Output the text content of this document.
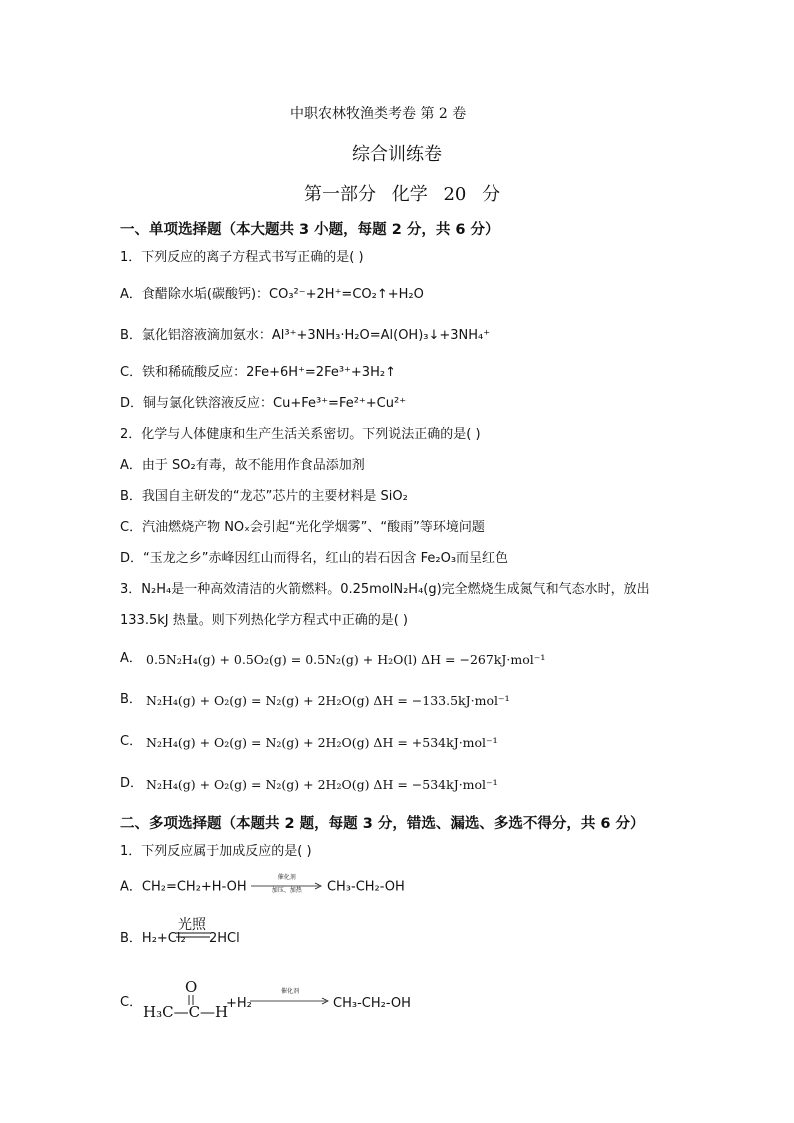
中职农林牧渔类考卷 第 2 卷
综合训练卷
第一部分 化学 20 分
一、单项选择题（本大题共 3 小题，每题 2 分，共 6 分）
1．下列反应的离子方程式书写正确的是( )
A．食醋除水垢(碳酸钙)：CO₃²⁻+2H⁺=CO₂↑+H₂O
B．氯化铝溶液滴加氨水：Al³⁺+3NH₃·H₂O=Al(OH)₃↓+3NH₄⁺
C．铁和稀硫酸反应：2Fe+6H⁺=2Fe³⁺+3H₂↑
D．铜与氯化铁溶液反应：Cu+Fe³⁺=Fe²⁺+Cu²⁺
2．化学与人体健康和生产生活关系密切。下列说法正确的是( )
A．由于 SO₂有毒，故不能用作食品添加剂
B．我国自主研发的“龙芯”芯片的主要材料是 SiO₂
C．汽油燃烧产物 NOₓ会引起“光化学烟雾”、“酸雨”等环境问题
D．“玉龙之乡”赤峰因红山而得名，红山的岩石因含 Fe₂O₃而呈红色
3．N₂H₄是一种高效清洁的火箭燃料。0.25molN₂H₄(g)完全燃烧生成氮气和气态水时，放出
133.5kJ 热量。则下列热化学方程式中正确的是( )
A． 0.5N₂H₄(g) + 0.5O₂(g) = 0.5N₂(g) + H₂O(l) ΔH = −267kJ·mol⁻¹
B． N₂H₄(g) + O₂(g) = N₂(g) + 2H₂O(g) ΔH = −133.5kJ·mol⁻¹
C． N₂H₄(g) + O₂(g) = N₂(g) + 2H₂O(g) ΔH = +534kJ·mol⁻¹
D． N₂H₄(g) + O₂(g) = N₂(g) + 2H₂O(g) ΔH = −534kJ·mol⁻¹
二、多项选择题（本题共 2 题，每题 3 分，错选、漏选、多选不得分，共 6 分）
1．下列反应属于加成反应的是( )
A．CH₂=CH₂+H-OH
催化剂
加压、加热	CH₃-CH₂-OH
B．H₂+Cl₂
光照
2HCl
C．
O
H₃C—C—H
+H₂
催化剂
CH₃-CH₂-OH
